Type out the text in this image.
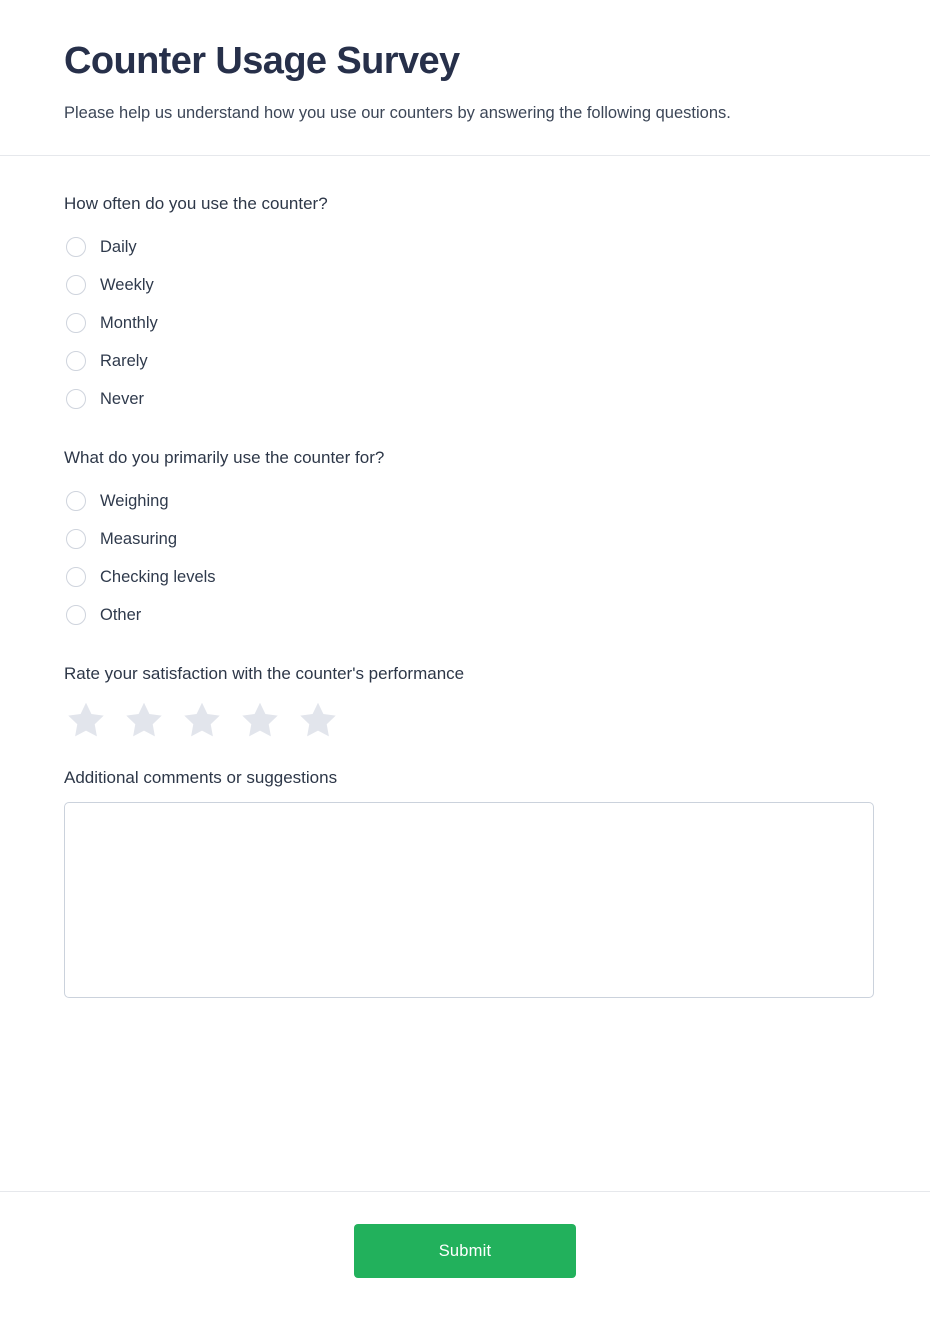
Counter Usage Survey

Please help us understand how you use our counters by answering the following questions.

How often do you use the counter?

Daily
Weekly
Monthly
Rarely
Never

What do you primarily use the counter for?

Weighing
Measuring
Checking levels
Other

Rate your satisfaction with the counter's performance

Additional comments or suggestions

Submit
